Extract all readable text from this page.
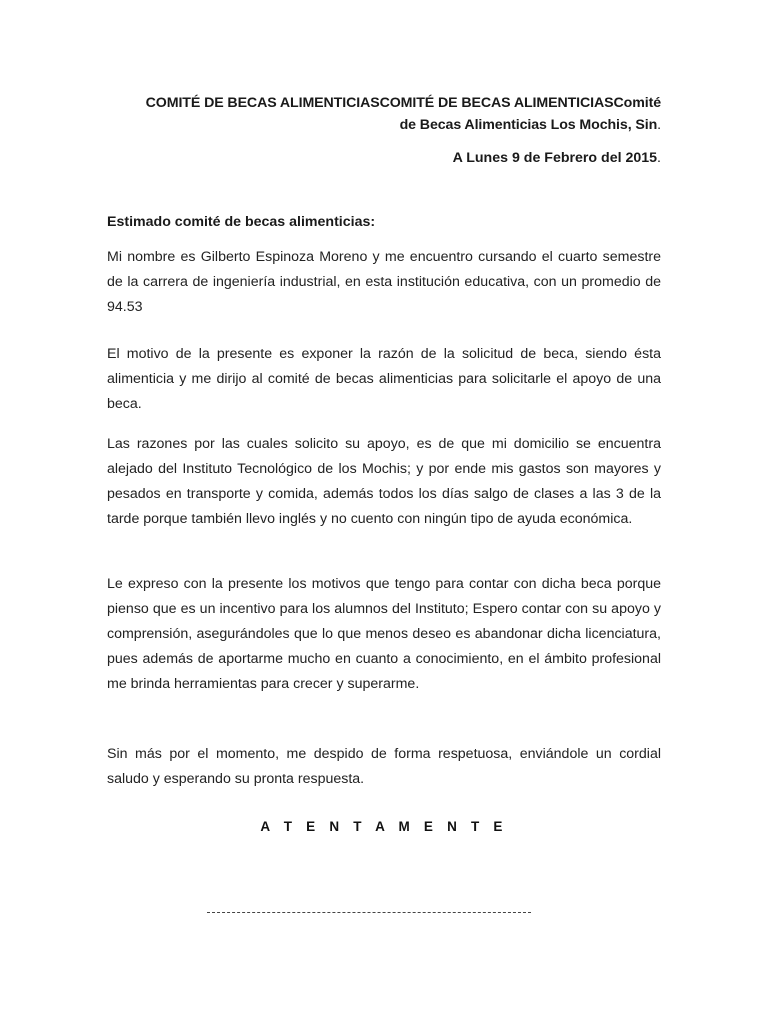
COMITÉ DE BECAS ALIMENTICIASCOMITÉ DE BECAS ALIMENTICIASComité
de Becas Alimenticias Los Mochis, Sin.
A Lunes 9 de Febrero del 2015.
Estimado comité de becas alimenticias:
Mi nombre es Gilberto Espinoza Moreno y me encuentro cursando el cuarto semestre de la carrera de ingeniería industrial, en esta institución educativa, con un promedio de 94.53
El motivo de la presente es exponer la razón de la solicitud de beca, siendo ésta alimenticia y me dirijo al comité de becas alimenticias para solicitarle el apoyo de una beca.
Las razones por las cuales solicito su apoyo, es de que mi domicilio se encuentra alejado del Instituto Tecnológico de los Mochis; y por ende mis gastos son mayores y pesados en transporte y comida, además todos los días salgo de clases a las 3 de la tarde porque también llevo inglés y no cuento con ningún tipo de ayuda económica.
Le expreso con la presente los motivos que tengo para contar con dicha beca porque pienso que es un incentivo para los alumnos del Instituto; Espero contar con su apoyo y comprensión, asegurándoles que lo que menos deseo es abandonar dicha licenciatura, pues además de aportarme mucho en cuanto a conocimiento, en el ámbito profesional me brinda herramientas para crecer y superarme.
Sin más por el momento, me despido de forma respetuosa, enviándole un cordial saludo y esperando su pronta respuesta.
A T E N T A M E N T E
